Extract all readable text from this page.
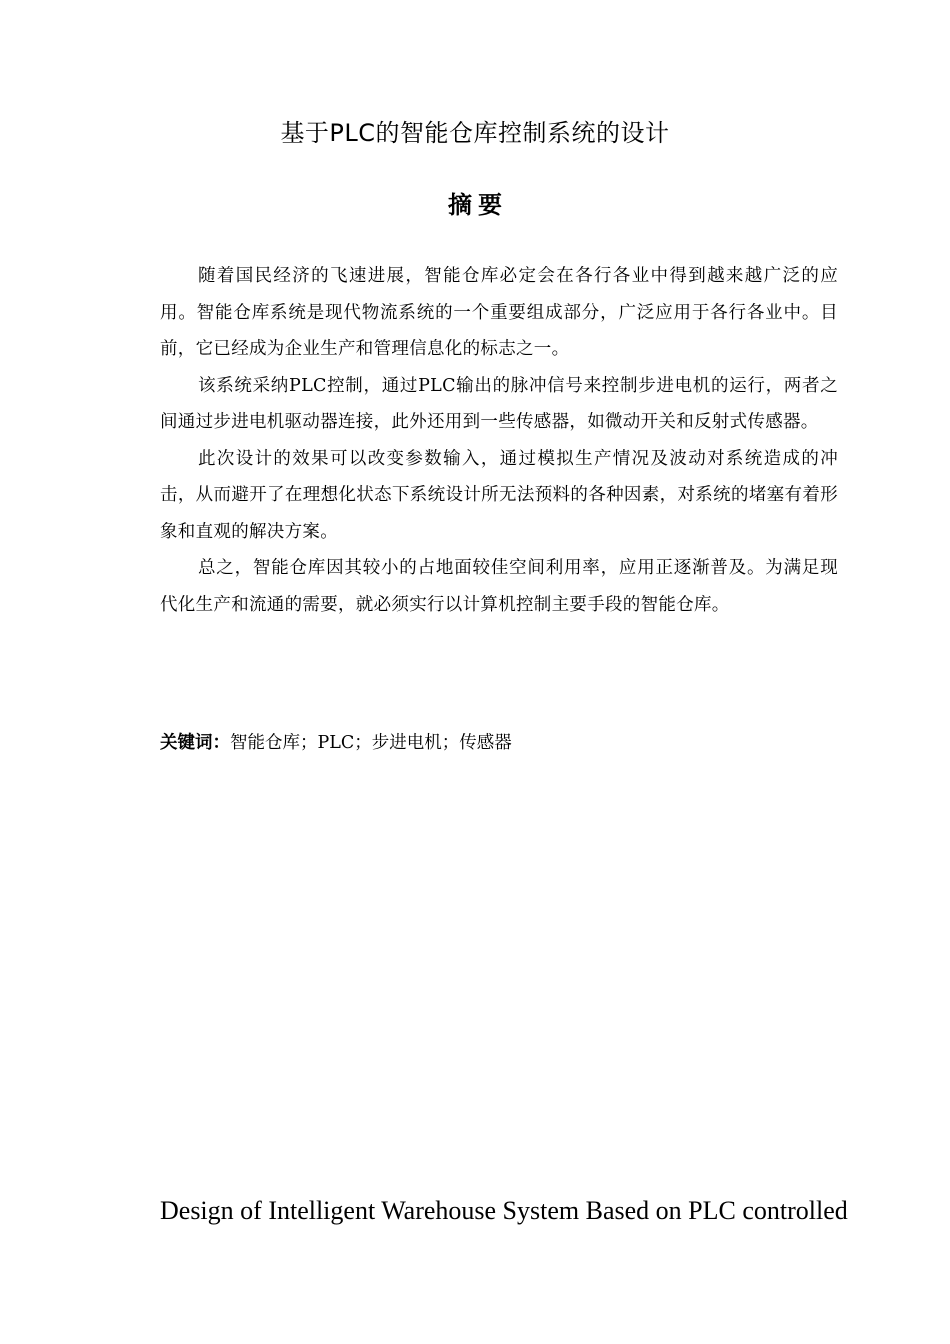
基于PLC的智能仓库控制系统的设计
摘 要

随着国民经济的飞速进展，智能仓库必定会在各行各业中得到越来越广泛的应用。智能仓库系统是现代物流系统的一个重要组成部分，广泛应用于各行各业中。目前，它已经成为企业生产和管理信息化的标志之一。

该系统采纳PLC控制，通过PLC输出的脉冲信号来控制步进电机的运行，两者之间通过步进电机驱动器连接，此外还用到一些传感器，如微动开关和反射式传感器。

此次设计的效果可以改变参数输入，通过模拟生产情况及波动对系统造成的冲击，从而避开了在理想化状态下系统设计所无法预料的各种因素，对系统的堵塞有着形象和直观的解决方案。

总之，智能仓库因其较小的占地面较佳空间利用率，应用正逐渐普及。为满足现代化生产和流通的需要，就必须实行以计算机控制主要手段的智能仓库。

关键词：智能仓库；PLC；步进电机；传感器
Design of Intelligent Warehouse System Based on PLC controlled
